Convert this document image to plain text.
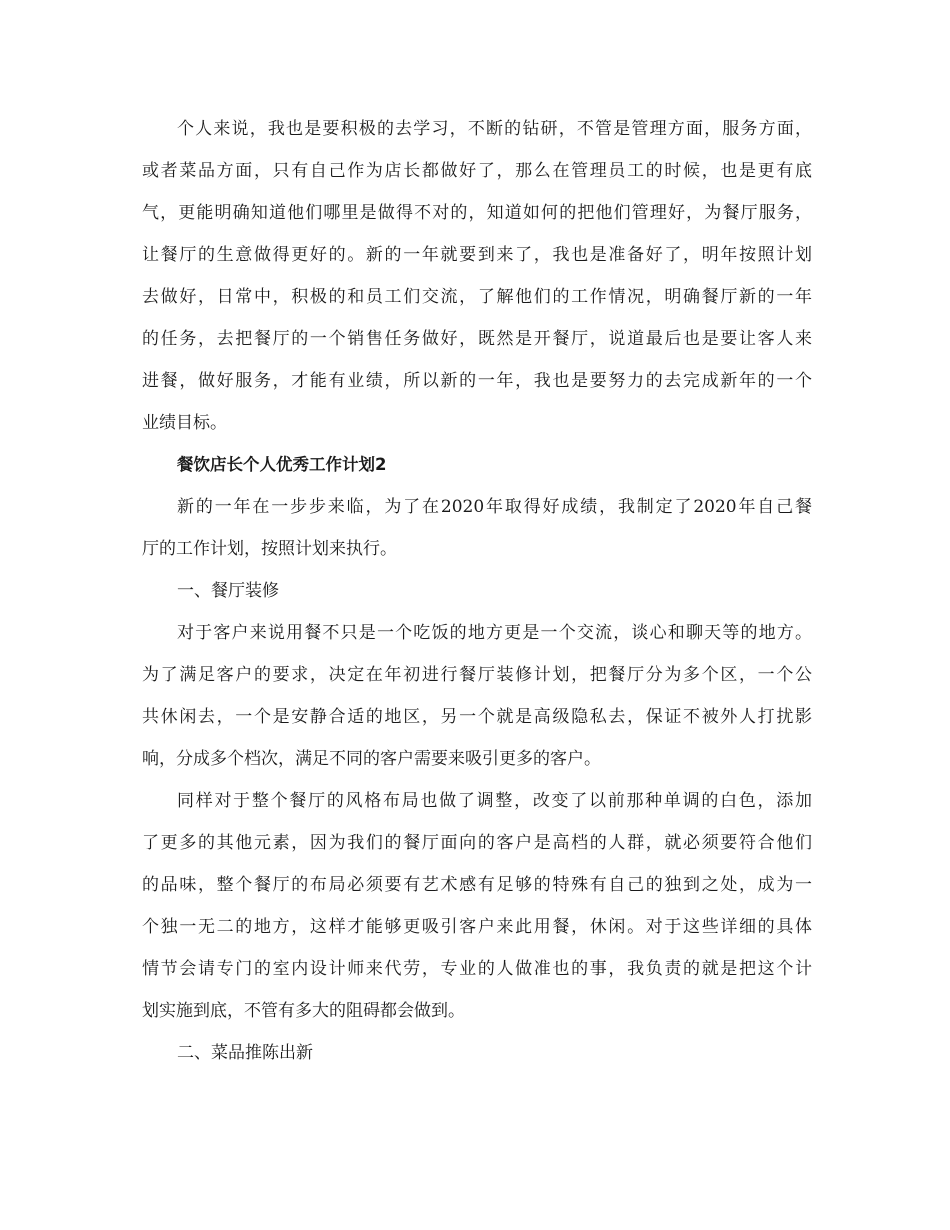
个人来说，我也是要积极的去学习，不断的钻研，不管是管理方面，服务方面，
或者菜品方面，只有自己作为店长都做好了，那么在管理员工的时候，也是更有底
气，更能明确知道他们哪里是做得不对的，知道如何的把他们管理好，为餐厅服务，
让餐厅的生意做得更好的。新的一年就要到来了，我也是准备好了，明年按照计划
去做好，日常中，积极的和员工们交流，了解他们的工作情况，明确餐厅新的一年
的任务，去把餐厅的一个销售任务做好，既然是开餐厅，说道最后也是要让客人来
进餐，做好服务，才能有业绩，所以新的一年，我也是要努力的去完成新年的一个
业绩目标。
餐饮店长个人优秀工作计划2
新的一年在一步步来临，为了在2020年取得好成绩，我制定了2020年自己餐
厅的工作计划，按照计划来执行。
一、餐厅装修
对于客户来说用餐不只是一个吃饭的地方更是一个交流，谈心和聊天等的地方。
为了满足客户的要求，决定在年初进行餐厅装修计划，把餐厅分为多个区，一个公
共休闲去，一个是安静合适的地区，另一个就是高级隐私去，保证不被外人打扰影
响，分成多个档次，满足不同的客户需要来吸引更多的客户。
同样对于整个餐厅的风格布局也做了调整，改变了以前那种单调的白色，添加
了更多的其他元素，因为我们的餐厅面向的客户是高档的人群，就必须要符合他们
的品味，整个餐厅的布局必须要有艺术感有足够的特殊有自己的独到之处，成为一
个独一无二的地方，这样才能够更吸引客户来此用餐，休闲。对于这些详细的具体
情节会请专门的室内设计师来代劳，专业的人做准也的事，我负责的就是把这个计
划实施到底，不管有多大的阻碍都会做到。
二、菜品推陈出新
